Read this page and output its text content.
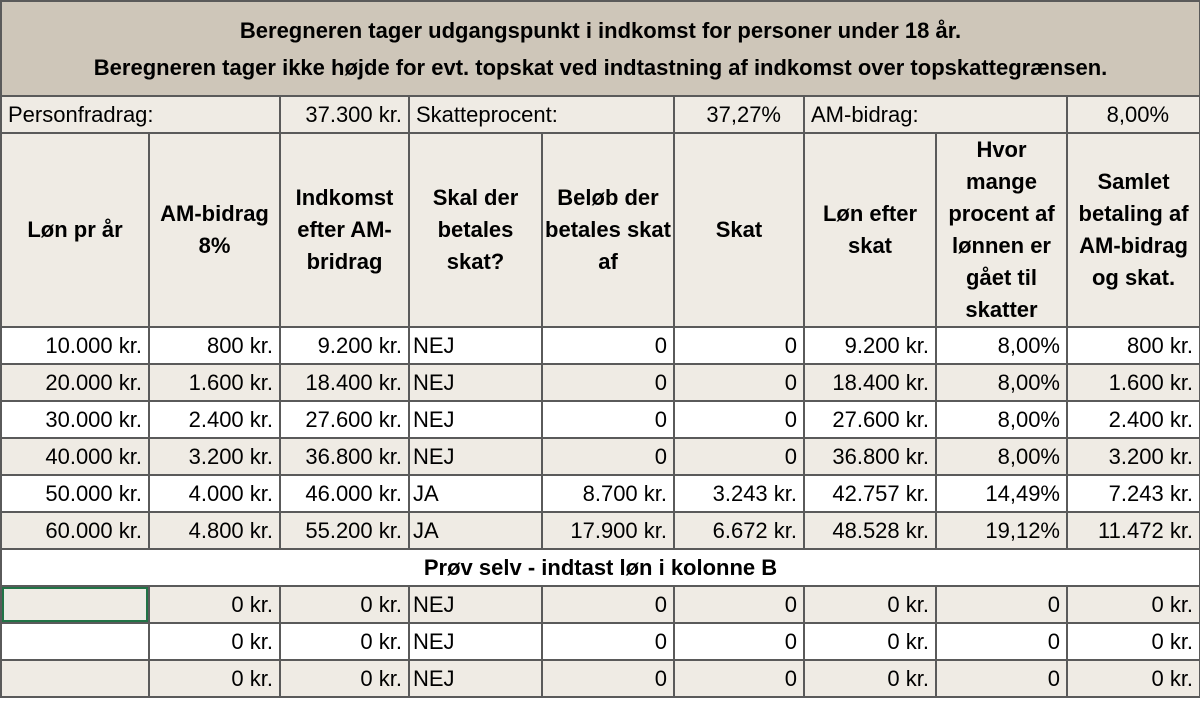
Beregneren tager udgangspunkt i indkomst for personer under 18 år.
Beregneren tager ikke højde for evt. topskat ved indtastning af indkomst over topskattegrænsen.								

Personfradrag:		37.300 kr.	Skatteprocent:		37,27%	AM-bidrag:		8,00%
Løn pr år	AM-bidrag 8%	Indkomst efter AM-bridrag	Skal der betales skat?	Beløb der betales skat af	Skat	Løn efter skat	Hvor mange procent af lønnen er gået til skatter	Samlet betaling af AM-bidrag og skat.
10.000 kr.	800 kr.	9.200 kr.	NEJ	0	0	9.200 kr.	8,00%	800 kr.
20.000 kr.	1.600 kr.	18.400 kr.	NEJ	0	0	18.400 kr.	8,00%	1.600 kr.
30.000 kr.	2.400 kr.	27.600 kr.	NEJ	0	0	27.600 kr.	8,00%	2.400 kr.
40.000 kr.	3.200 kr.	36.800 kr.	NEJ	0	0	36.800 kr.	8,00%	3.200 kr.
50.000 kr.	4.000 kr.	46.000 kr.	JA	8.700 kr.	3.243 kr.	42.757 kr.	14,49%	7.243 kr.
60.000 kr.	4.800 kr.	55.200 kr.	JA	17.900 kr.	6.672 kr.	48.528 kr.	19,12%	11.472 kr.
Prøv selv - indtast løn i kolonne B								
	0 kr.	0 kr.	NEJ	0	0	0 kr.	0	0 kr.
	0 kr.	0 kr.	NEJ	0	0	0 kr.	0	0 kr.
	0 kr.	0 kr.	NEJ	0	0	0 kr.	0	0 kr.
